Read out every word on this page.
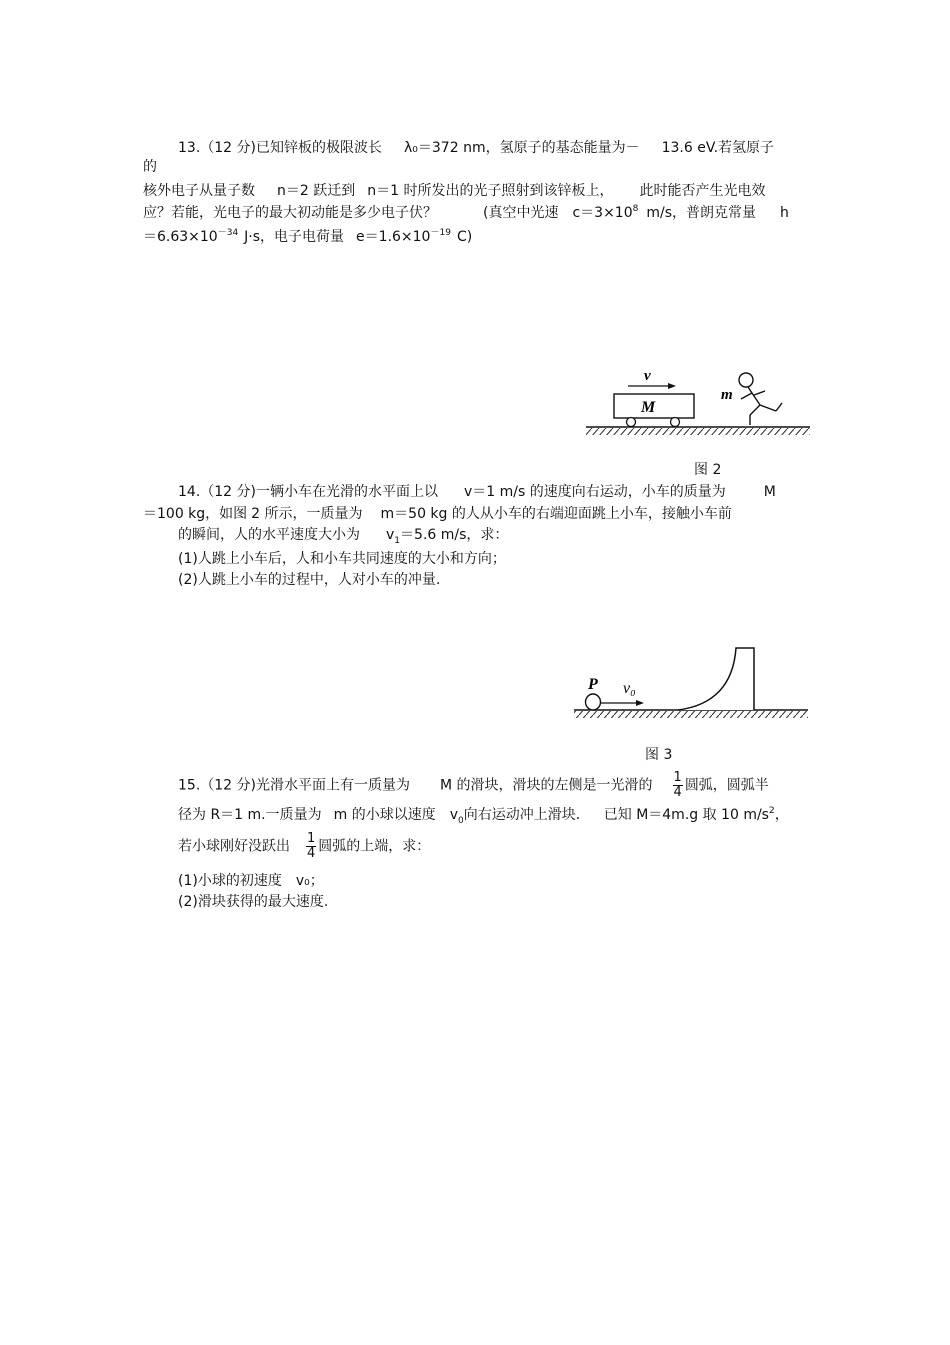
13.（12 分)已知锌板的极限波长 λ₀＝372 nm，氢原子的基态能量为－ 13.6 eV.若氢原子
的
核外电子从量子数 n＝2 跃迁到 n＝1 时所发出的光子照射到该锌板上， 此时能否产生光电效
应？若能，光电子的最大初动能是多少电子伏？	(真空中光速 $c=3\times 10^8$ m/s，普朗克常量 h
$=6.63\times 10^{-34}$ J·s，电子电荷量 $e=1.6\times 10^{-19}$ C)
M
v
m
图 2
14.（12 分)一辆小车在光滑的水平面上以 v＝1 m/s 的速度向右运动，小车的质量为	M
＝100 kg，如图 2 所示，一质量为 m＝50 kg 的人从小车的右端迎面跳上小车，接触小车前
的瞬间，人的水平速度大小为 $v_1=5.6$ m/s，求：
(1)人跳上小车后，人和小车共同速度的大小和方向；
(2)人跳上小车的过程中，人对小车的冲量.
P v₀
图 3
15.（12 分)光滑水平面上有一质量为 M 的滑块，滑块的左侧是一光滑的 $\frac{1}{4}$ 圆弧，圆弧半
径为 R＝1 m.一质量为 m 的小球以速度 $v_0$向右运动冲上滑块． 已知 M＝4m.g 取 10 $m/s^2$，
若小球刚好没跃出 $\frac{1}{4}$ 圆弧的上端，求：
(1)小球的初速度 v₀；
(2)滑块获得的最大速度.
